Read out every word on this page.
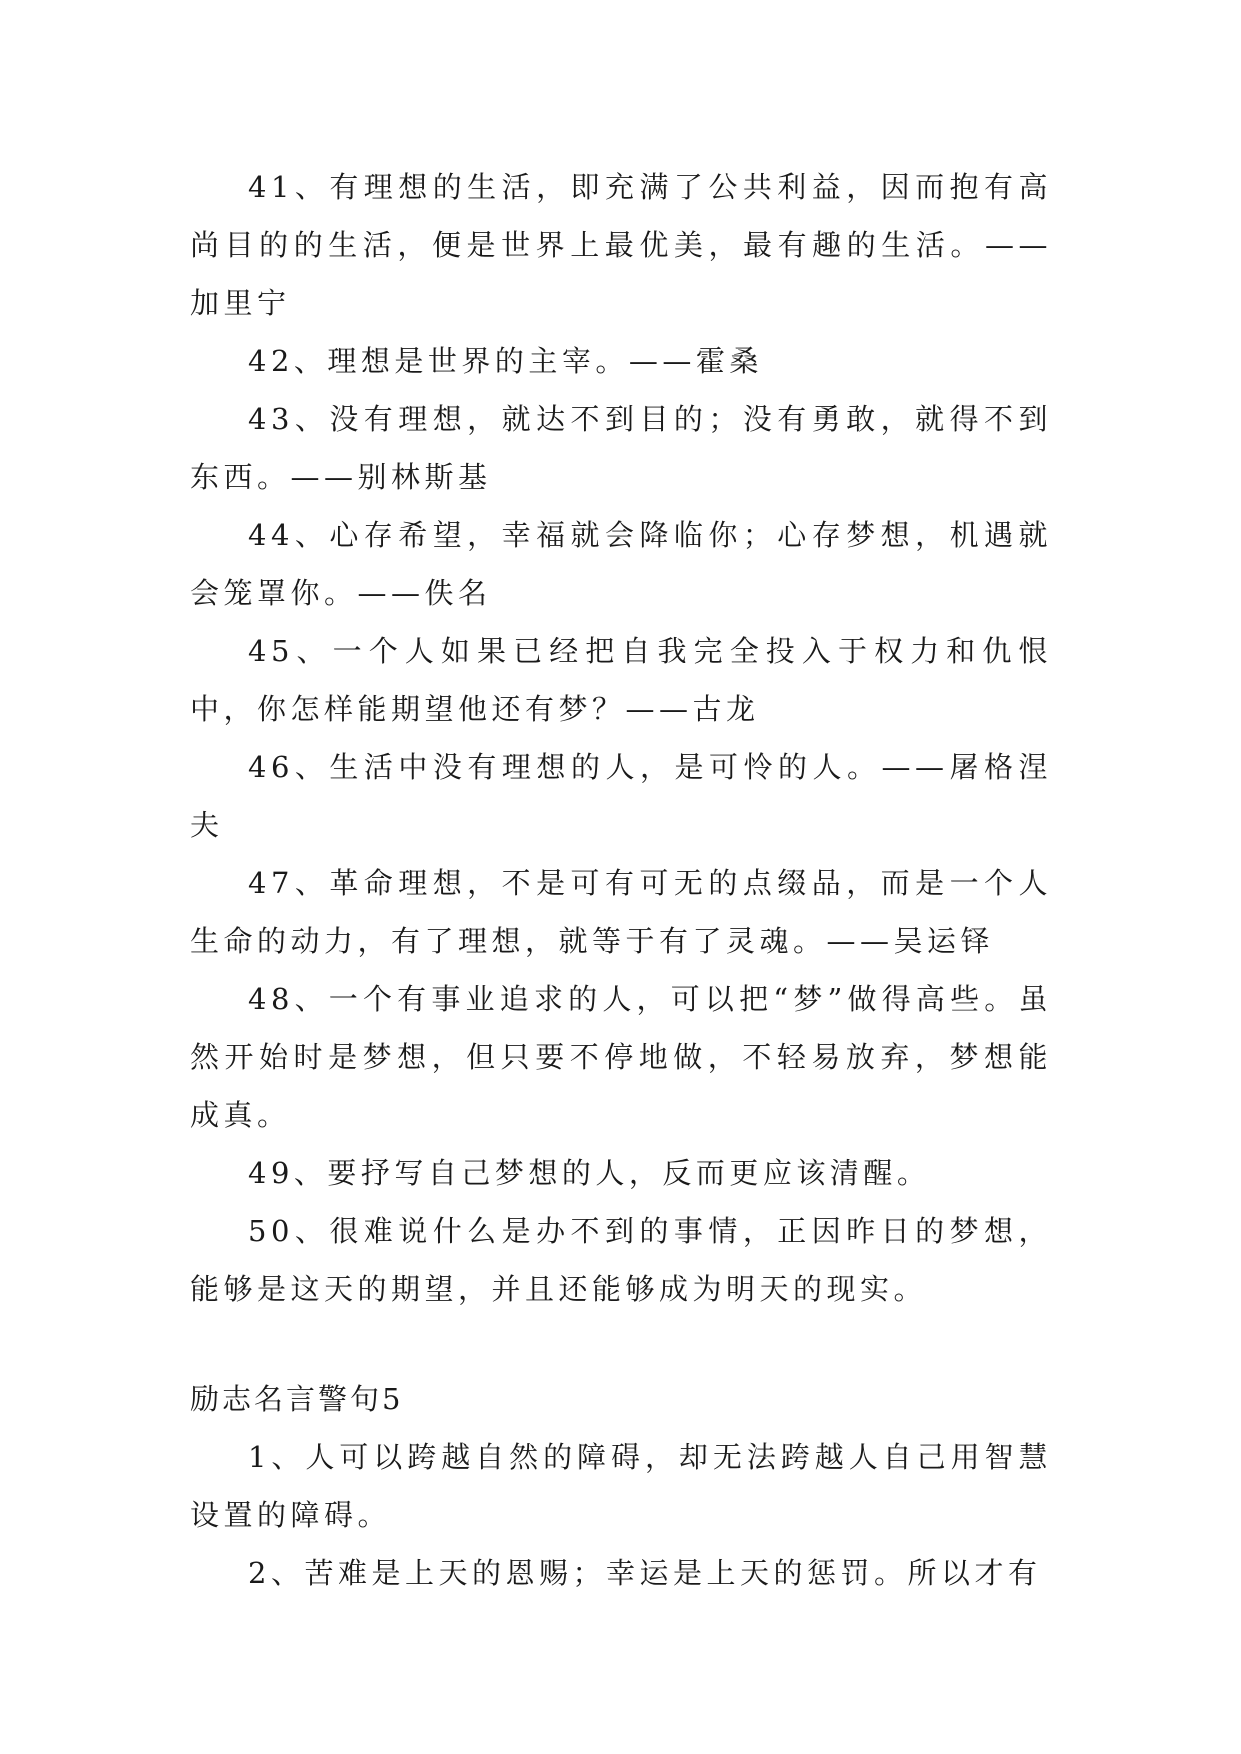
41、有理想的生活，即充满了公共利益，因而抱有高尚目的的生活，便是世界上最优美，最有趣的生活。——加里宁

42、理想是世界的主宰。——霍桑

43、没有理想，就达不到目的；没有勇敢，就得不到东西。——别林斯基

44、心存希望，幸福就会降临你；心存梦想，机遇就会笼罩你。——佚名

45、一个人如果已经把自我完全投入于权力和仇恨中，你怎样能期望他还有梦？——古龙

46、生活中没有理想的人，是可怜的人。——屠格涅夫

47、革命理想，不是可有可无的点缀品，而是一个人生命的动力，有了理想，就等于有了灵魂。——吴运铎

48、一个有事业追求的人，可以把“梦”做得高些。虽然开始时是梦想，但只要不停地做，不轻易放弃，梦想能成真。

49、要抒写自己梦想的人，反而更应该清醒。

50、很难说什么是办不到的事情，正因昨日的梦想，能够是这天的期望，并且还能够成为明天的现实。

励志名言警句5

1、人可以跨越自然的障碍，却无法跨越人自己用智慧设置的障碍。

2、苦难是上天的恩赐；幸运是上天的惩罚。所以才有
